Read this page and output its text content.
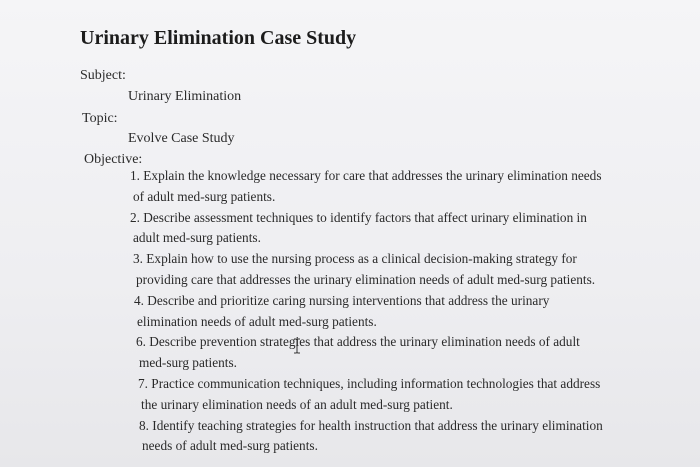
Urinary Elimination Case Study
Subject:
Urinary Elimination
Topic:
Evolve Case Study
Objective:
1. Explain the knowledge necessary for care that addresses the urinary elimination needs
of adult med-surg patients.
2. Describe assessment techniques to identify factors that affect urinary elimination in
adult med-surg patients.
3. Explain how to use the nursing process as a clinical decision-making strategy for
providing care that addresses the urinary elimination needs of adult med-surg patients.
4. Describe and prioritize caring nursing interventions that address the urinary
elimination needs of adult med-surg patients.
6. Describe prevention strategies that address the urinary elimination needs of adult
med-surg patients.
7. Practice communication techniques, including information technologies that address
the urinary elimination needs of an adult med-surg patient.
8. Identify teaching strategies for health instruction that address the urinary elimination
needs of adult med-surg patients.
